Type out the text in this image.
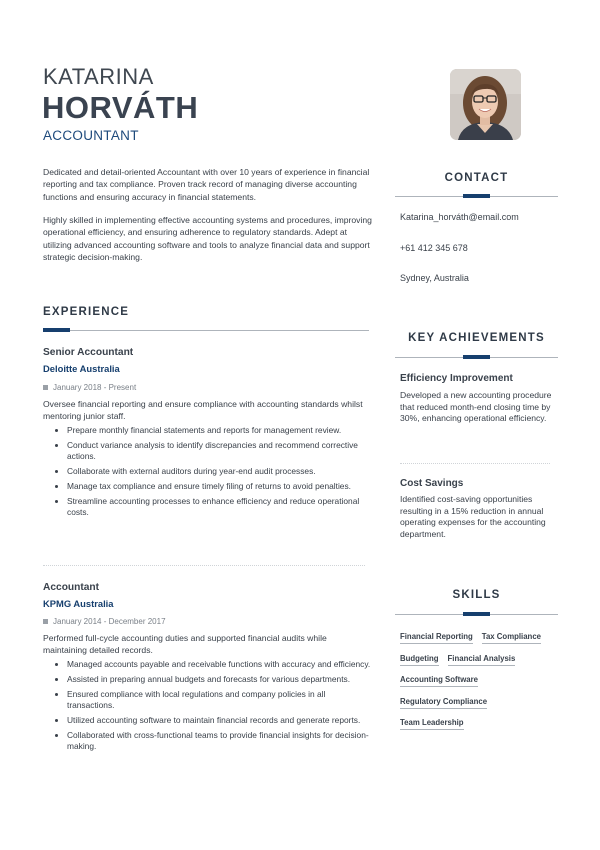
KATARINA
HORVÁTH
ACCOUNTANT
Dedicated and detail-oriented Accountant with over 10 years of experience in financial reporting and tax compliance. Proven track record of managing diverse accounting functions and ensuring accuracy in financial statements.
Highly skilled in implementing effective accounting systems and procedures, improving operational efficiency, and ensuring adherence to regulatory standards. Adept at utilizing advanced accounting software and tools to analyze financial data and support strategic decision-making.
EXPERIENCE
Senior Accountant
Deloitte Australia
January 2018 - Present
Oversee financial reporting and ensure compliance with accounting standards whilst mentoring junior staff.
Prepare monthly financial statements and reports for management review.
Conduct variance analysis to identify discrepancies and recommend corrective actions.
Collaborate with external auditors during year-end audit processes.
Manage tax compliance and ensure timely filing of returns to avoid penalties.
Streamline accounting processes to enhance efficiency and reduce operational costs.
Accountant
KPMG Australia
January 2014 - December 2017
Performed full-cycle accounting duties and supported financial audits while maintaining detailed records.
Managed accounts payable and receivable functions with accuracy and efficiency.
Assisted in preparing annual budgets and forecasts for various departments.
Ensured compliance with local regulations and company policies in all transactions.
Utilized accounting software to maintain financial records and generate reports.
Collaborated with cross-functional teams to provide financial insights for decision-making.
CONTACT
Katarina_horváth@email.com
+61 412 345 678
Sydney, Australia
KEY ACHIEVEMENTS
Efficiency Improvement
Developed a new accounting procedure that reduced month-end closing time by 30%, enhancing operational efficiency.
Cost Savings
Identified cost-saving opportunities resulting in a 15% reduction in annual operating expenses for the accounting department.
SKILLS
Financial Reporting Tax Compliance
Budgeting Financial Analysis
Accounting Software
Regulatory Compliance
Team Leadership
